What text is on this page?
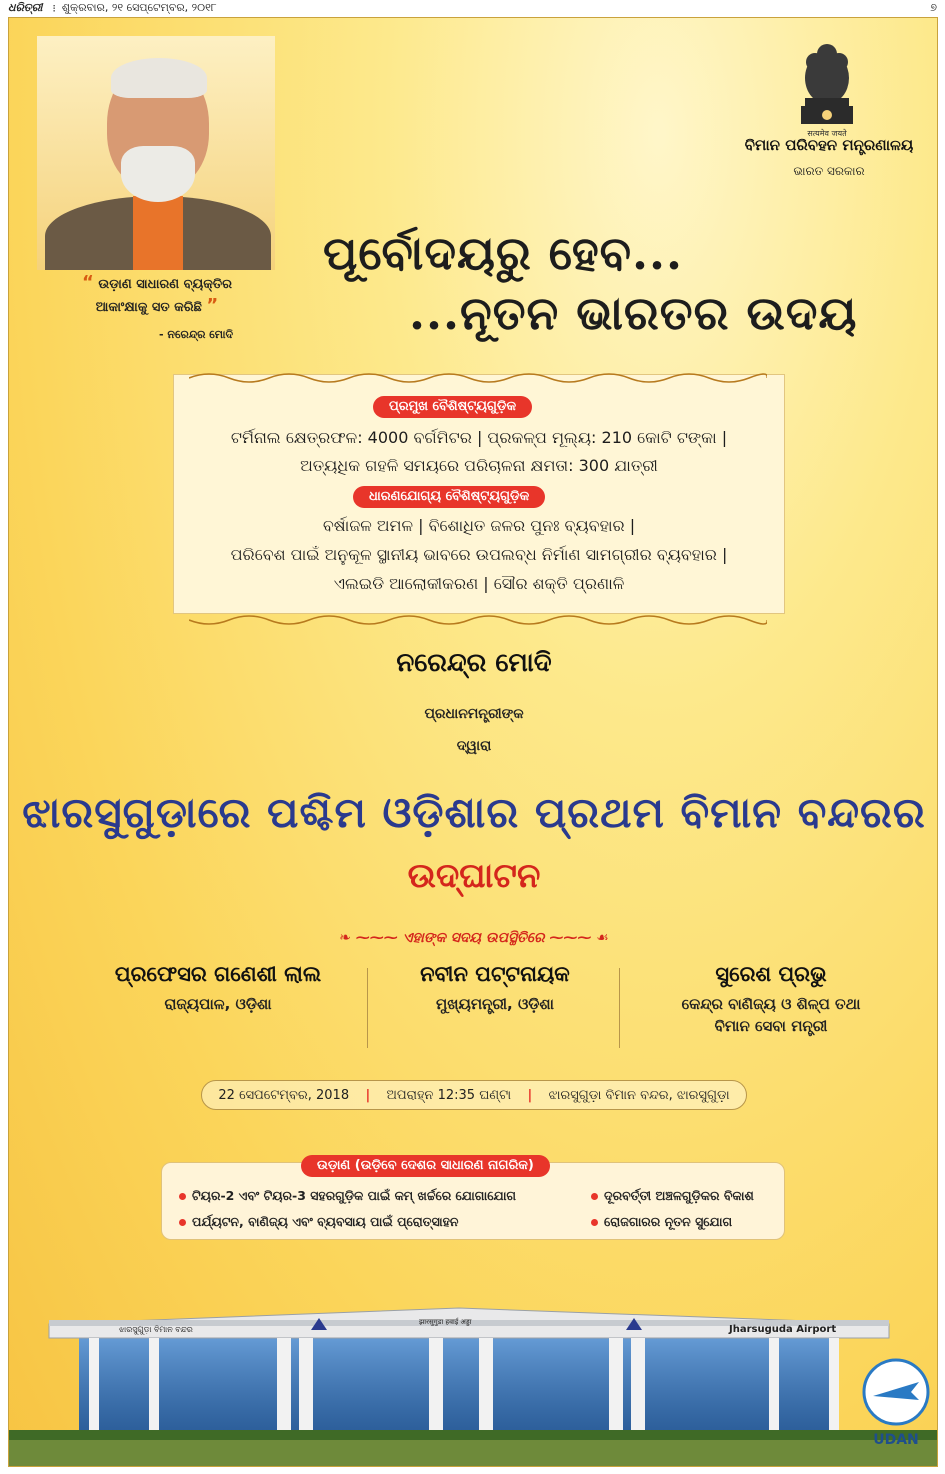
ଧରିତ୍ରୀ ⁝ ଶୁକ୍ରବାର, ୨୧ ସେପ୍ଟେମ୍ବର, ୨୦୧୮	୭
“ ଉଡ଼ାଣ ସାଧାରଣ ବ୍ୟକ୍ତିର
ଆକାଂକ୍ଷାକୁ ସତ କରିଛି ”
- ନରେନ୍ଦ୍ର ମୋଦି
सत्यमेव जयते
ବିମାନ ପରିବହନ ମନ୍ତ୍ରଣାଳୟ
ଭାରତ ସରକାର
ପୂର୍ବୋଦୟରୁ ହେବ...
...ନୂତନ ଭାରତର ଉଦୟ
ପ୍ରମୁଖ ବୈଶିଷ୍ଟ୍ୟଗୁଡ଼ିକ
ଟର୍ମିନାଲ କ୍ଷେତ୍ରଫଳ: 4000 ବର୍ଗମିଟର | ପ୍ରକଳ୍ପ ମୂଲ୍ୟ: 210 କୋଟି ଟଙ୍କା |
ଅତ୍ୟଧିକ ଗହଳି ସମୟରେ ପରିଚାଳନା କ୍ଷମତା: 300 ଯାତ୍ରୀ
ଧାରଣଯୋଗ୍ୟ ବୈଶିଷ୍ଟ୍ୟଗୁଡ଼ିକ
ବର୍ଷାଜଳ ଅମଳ | ବିଶୋଧିତ ଜଳର ପୁନଃ ବ୍ୟବହାର |
ପରିବେଶ ପାଇଁ ଅନୁକୂଳ ସ୍ଥାନୀୟ ଭାବରେ ଉପଲବ୍ଧ ନିର୍ମାଣ ସାମଗ୍ରୀର ବ୍ୟବହାର |
ଏଲଇଡି ଆଲୋକୀକରଣ | ସୌର ଶକ୍ତି ପ୍ରଣାଳି
ନରେନ୍ଦ୍ର ମୋଦି
ପ୍ରଧାନମନ୍ତ୍ରୀଙ୍କ
ଦ୍ୱାରା
ଝାରସୁଗୁଡ଼ାରେ ପଶ୍ଚିମ ଓଡ଼ିଶାର ପ୍ରଥମ ବିମାନ ବନ୍ଦରର
ଉଦ୍‌ଘାଟନ
❧ ⁓⁓⁓ ଏହାଙ୍କ ସଦୟ ଉପସ୍ଥିତିରେ ⁓⁓⁓ ☙
ପ୍ରଫେସର ଗଣେଶୀ ଲାଲ
ରାଜ୍ୟପାଳ, ଓଡ଼ିଶା
ନବୀନ ପଟ୍ଟନାୟକ
ମୁଖ୍ୟମନ୍ତ୍ରୀ, ଓଡ଼ିଶା
ସୁରେଶ ପ୍ରଭୁ
କେନ୍ଦ୍ର ବାଣିଜ୍ୟ ଓ ଶିଳ୍ପ ତଥା
ବିମାନ ସେବା ମନ୍ତ୍ରୀ
22 ସେପଟେମ୍ବର, 2018 | ଅପରାହ୍ନ 12:35 ଘଣ୍ଟା | ଝାରସୁଗୁଡ଼ା ବିମାନ ବନ୍ଦର, ଝାରସୁଗୁଡ଼ା
ଉଡ଼ାଣ (ଉଡ଼ିବେ ଦେଶର ସାଧାରଣ ନାଗରିକ)
ଟିୟର-2 ଏବଂ ଟିୟର-3 ସହରଗୁଡ଼ିକ ପାଇଁ କମ୍ ଖର୍ଚ୍ଚରେ ଯୋଗାଯୋଗ	ଦୂରବର୍ତ୍ତୀ ଅଞ୍ଚଳଗୁଡ଼ିକର ବିକାଶ
ପର୍ଯ୍ୟଟନ, ବାଣିଜ୍ୟ ଏବଂ ବ୍ୟବସାୟ ପାଇଁ ପ୍ରୋତ୍ସାହନ	ରୋଜଗାରର ନୂତନ ସୁଯୋଗ
ଝାରସୁଗୁଡ଼ା ବିମାନ ବନ୍ଦର
झारसुगुडा हवाई अड्डा
Jharsuguda Airport
UDAN
